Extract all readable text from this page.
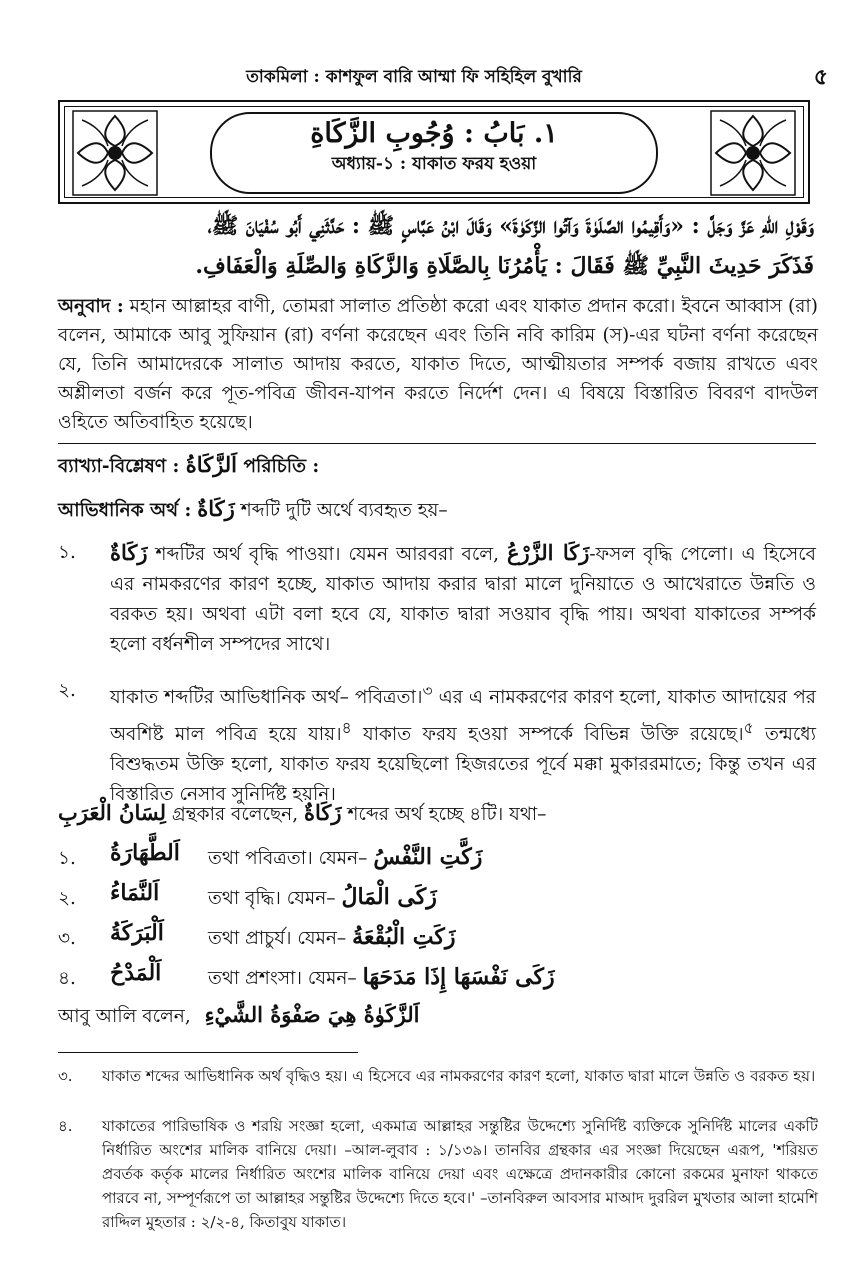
তাকমিলা : কাশফুল বারি আম্মা ফি সহিহিল বুখারি	৫
١. بَابُ : وُجُوبِ الزَّكَاةِ
অধ্যায়-১ : যাকাত ফরয হওয়া
وَقَوْلِ اللهِ عَزَّ وَجَلَّ : «وَأَقِيمُوا الصَّلَوٰةَ وَآتُوا الزَّكَوٰةَ» وَقَالَ ابْنُ عَبَّاسٍ ﷺ : حَدَّثَنِي أَبُو سُفْيَانَ ﷺ،
فَذَكَرَ حَدِيثَ النَّبِيِّ ﷺ فَقَالَ : يَأْمُرُنَا بِالصَّلَاةِ وَالزَّكَاةِ وَالصِّلَةِ وَالْعَفَافِ.
অনুবাদ : মহান আল্লাহর বাণী, তোমরা সালাত প্রতিষ্ঠা করো এবং যাকাত প্রদান করো। ইবনে আব্বাস (রা) বলেন, আমাকে আবু সুফিয়ান (রা) বর্ণনা করেছেন এবং তিনি নবি কারিম (স)-এর ঘটনা বর্ণনা করেছেন যে, তিনি আমাদেরকে সালাত আদায় করতে, যাকাত দিতে, আত্মীয়তার সম্পর্ক বজায় রাখতে এবং অশ্লীলতা বর্জন করে পূত-পবিত্র জীবন-যাপন করতে নির্দেশ দেন। এ বিষয়ে বিস্তারিত বিবরণ বাদউল ওহিতে অতিবাহিত হয়েছে।
ব্যাখ্যা-বিশ্লেষণ : اَلزَّكَاةُ পরিচিতি :
আভিধানিক অর্থ : زَكَاةٌ শব্দটি দুটি অর্থে ব্যবহৃত হয়–
১. زَكَاةٌ শব্দটির অর্থ বৃদ্ধি পাওয়া। যেমন আরবরা বলে, زَكَا الزَّرْعُ-ফসল বৃদ্ধি পেলো। এ হিসেবে এর নামকরণের কারণ হচ্ছে, যাকাত আদায় করার দ্বারা মালে দুনিয়াতে ও আখেরাতে উন্নতি ও বরকত হয়। অথবা এটা বলা হবে যে, যাকাত দ্বারা সওয়াব বৃদ্ধি পায়। অথবা যাকাতের সম্পর্ক হলো বর্ধনশীল সম্পদের সাথে।
২. যাকাত শব্দটির আভিধানিক অর্থ– পবিত্রতা।$^৩$ এর এ নামকরণের কারণ হলো, যাকাত আদায়ের পর অবশিষ্ট মাল পবিত্র হয়ে যায়।$^৪$ যাকাত ফরয হওয়া সম্পর্কে বিভিন্ন উক্তি রয়েছে।$^৫$ তন্মধ্যে বিশুদ্ধতম উক্তি হলো, যাকাত ফরয হয়েছিলো হিজরতের পূর্বে মক্কা মুকাররমাতে; কিন্তু তখন এর বিস্তারিত নেসাব সুনির্দিষ্ট হয়নি।
لِسَانُ الْعَرَبِ গ্রন্থকার বলেছেন, زَكَاةٌ শব্দের অর্থ হচ্ছে ৪টি। যথা–
১. اَلطَّهَارَةُ তথা পবিত্রতা। যেমন– زَكَّتِ النَّفْسُ
২. اَلنَّمَاءُ	তথা বৃদ্ধি। যেমন– زَكَى الْمَالُ
৩. اَلْبَرَكَةُ তথা প্রাচুর্য। যেমন– زَكَتِ الْبُقْعَةُ
৪. اَلْمَدْحُ	তথা প্রশংসা। যেমন– زَكَى نَفْسَهَا إِذَا مَدَحَهَا
আবু আলি বলেন, اَلزَّكَوٰةُ هِيَ صَفْوَةُ الشَّيْءِ
৩. যাকাত শব্দের আভিধানিক অর্থ বৃদ্ধিও হয়। এ হিসেবে এর নামকরণের কারণ হলো, যাকাত দ্বারা মালে উন্নতি ও বরকত হয়।
৪. যাকাতের পারিভাষিক ও শরয়ি সংজ্ঞা হলো, একমাত্র আল্লাহর সন্তুষ্টির উদ্দেশ্যে সুনির্দিষ্ট ব্যক্তিকে সুনির্দিষ্ট মালের একটি নির্ধারিত অংশের মালিক বানিয়ে দেয়া। –আল-লুবাব : ১/১৩৯। তানবির গ্রন্থকার এর সংজ্ঞা দিয়েছেন এরূপ, 'শরিয়ত প্রবর্তক কর্তৃক মালের নির্ধারিত অংশের মালিক বানিয়ে দেয়া এবং এক্ষেত্রে প্রদানকারীর কোনো রকমের মুনাফা থাকতে পারবে না, সম্পূর্ণরূপে তা আল্লাহর সন্তুষ্টির উদ্দেশ্যে দিতে হবে।' –তানবিরুল আবসার মাআদ দুররিল মুখতার আলা হামেশি রাদ্দিল মুহতার : ২/২-৪, কিতাবুয যাকাত।
